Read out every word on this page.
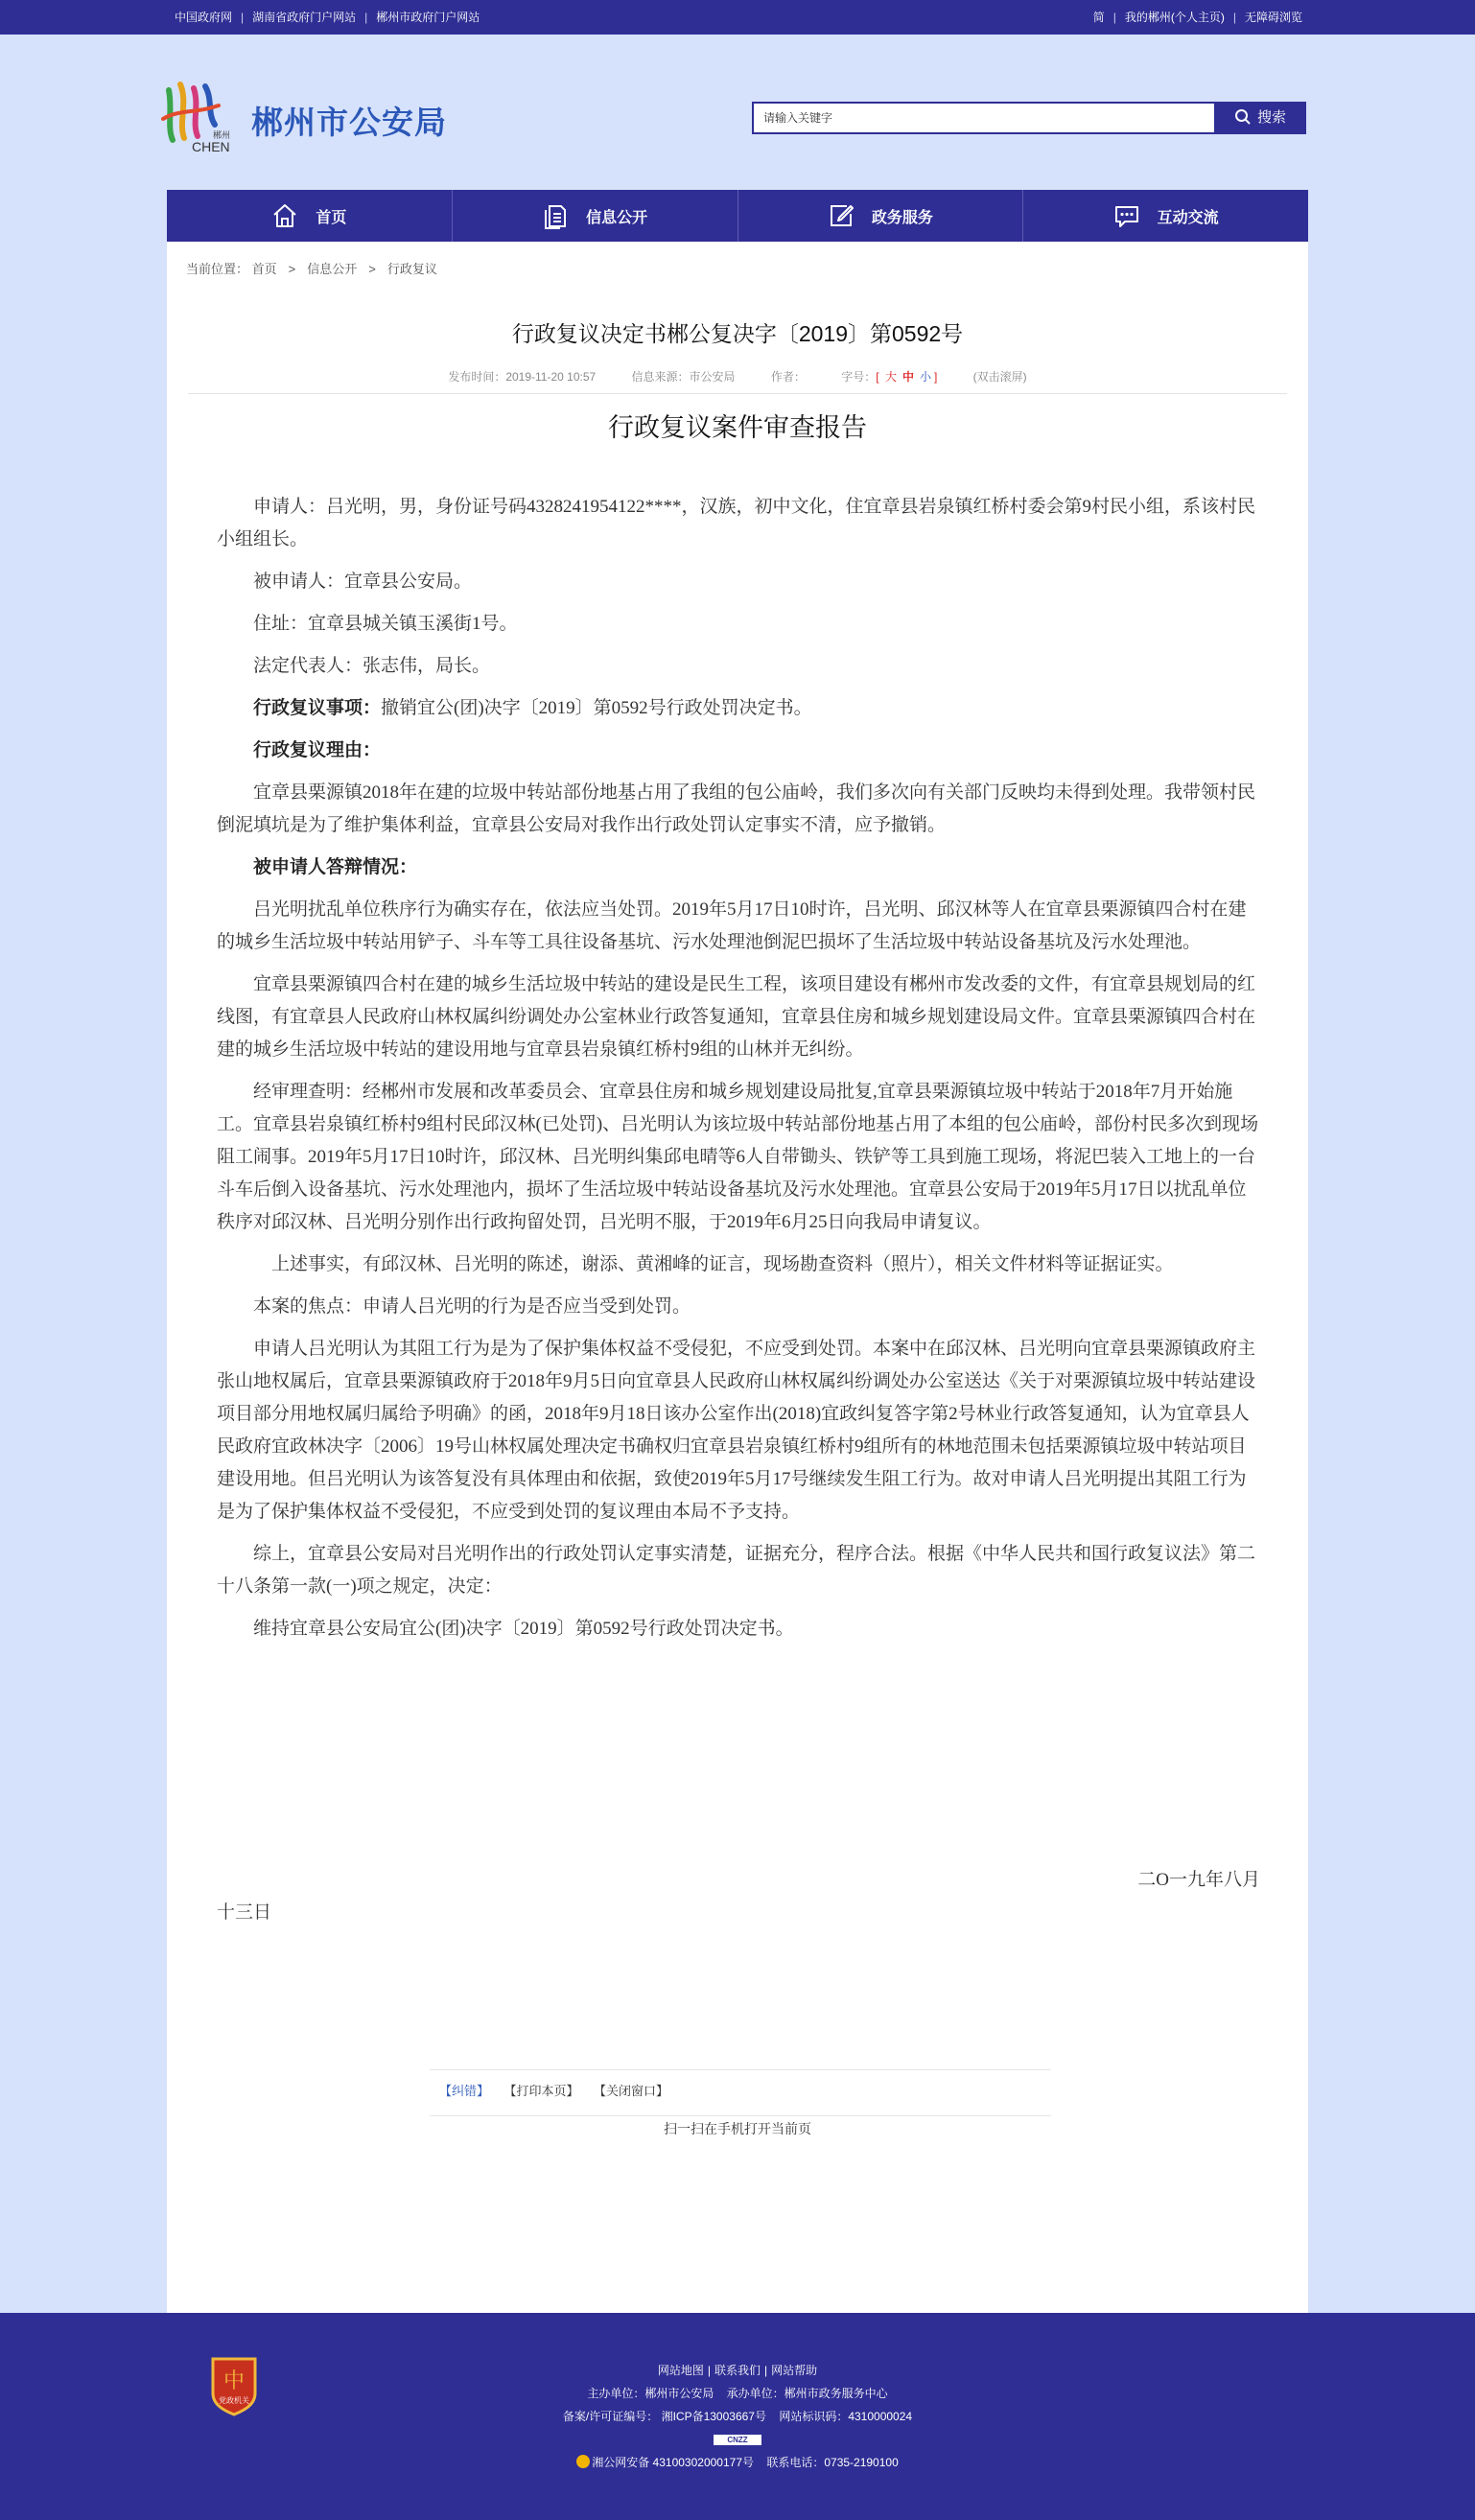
中国政府网 | 湖南省政府门户网站 | 郴州市政府门户网站	简 | 我的郴州(个人主页) | 无障碍浏览
郴州
CHEN
郴州市公安局
请输入关键字	搜索
首页	信息公开	政务服务	互动交流
当前位置： 首页 > 信息公开 > 行政复议
行政复议决定书郴公复决字〔2019〕第0592号
发布时间：2019-11-20 10:57	信息来源：市公安局	作者：	字号：[ 大 中 小 ]	(双击滚屏)
行政复议案件审查报告

申请人：吕光明，男，身份证号码4328241954122****，汉族，初中文化，住宜章县岩泉镇红桥村委会第9村民小组，系该村民小组组长。

被申请人：宜章县公安局。

住址：宜章县城关镇玉溪街1号。

法定代表人：张志伟，局长。

行政复议事项：撤销宜公(团)决字〔2019〕第0592号行政处罚决定书。

行政复议理由：

宜章县栗源镇2018年在建的垃圾中转站部份地基占用了我组的包公庙岭，我们多次向有关部门反映均未得到处理。我带领村民倒泥填坑是为了维护集体利益，宜章县公安局对我作出行政处罚认定事实不清，应予撤销。

被申请人答辩情况：

吕光明扰乱单位秩序行为确实存在，依法应当处罚。2019年5月17日10时许，吕光明、邱汉林等人在宜章县栗源镇四合村在建的城乡生活垃圾中转站用铲子、斗车等工具往设备基坑、污水处理池倒泥巴损坏了生活垃圾中转站设备基坑及污水处理池。

宜章县栗源镇四合村在建的城乡生活垃圾中转站的建设是民生工程，该项目建设有郴州市发改委的文件，有宜章县规划局的红线图，有宜章县人民政府山林权属纠纷调处办公室林业行政答复通知，宜章县住房和城乡规划建设局文件。宜章县栗源镇四合村在建的城乡生活垃圾中转站的建设用地与宜章县岩泉镇红桥村9组的山林并无纠纷。

经审理查明：经郴州市发展和改革委员会、宜章县住房和城乡规划建设局批复,宜章县栗源镇垃圾中转站于2018年7月开始施工。宜章县岩泉镇红桥村9组村民邱汉林(已处罚)、吕光明认为该垃圾中转站部份地基占用了本组的包公庙岭，部份村民多次到现场阻工闹事。2019年5月17日10时许，邱汉林、吕光明纠集邱电晴等6人自带锄头、铁铲等工具到施工现场，将泥巴装入工地上的一台斗车后倒入设备基坑、污水处理池内，损坏了生活垃圾中转站设备基坑及污水处理池。宜章县公安局于2019年5月17日以扰乱单位秩序对邱汉林、吕光明分别作出行政拘留处罚，吕光明不服，于2019年6月25日向我局申请复议。

上述事实，有邱汉林、吕光明的陈述，谢添、黄湘峰的证言，现场勘查资料（照片），相关文件材料等证据证实。

本案的焦点：申请人吕光明的行为是否应当受到处罚。

申请人吕光明认为其阻工行为是为了保护集体权益不受侵犯，不应受到处罚。本案中在邱汉林、吕光明向宜章县栗源镇政府主张山地权属后，宜章县栗源镇政府于2018年9月5日向宜章县人民政府山林权属纠纷调处办公室送达《关于对栗源镇垃圾中转站建设项目部分用地权属归属给予明确》的函，2018年9月18日该办公室作出(2018)宜政纠复答字第2号林业行政答复通知，认为宜章县人民政府宜政林决字〔2006〕19号山林权属处理决定书确权归宜章县岩泉镇红桥村9组所有的林地范围未包括栗源镇垃圾中转站项目建设用地。但吕光明认为该答复没有具体理由和依据，致使2019年5月17号继续发生阻工行为。故对申请人吕光明提出其阻工行为是为了保护集体权益不受侵犯，不应受到处罚的复议理由本局不予支持。

综上，宜章县公安局对吕光明作出的行政处罚认定事实清楚，证据充分，程序合法。根据《中华人民共和国行政复议法》第二十八条第一款(一)项之规定，决定：

维持宜章县公安局宜公(团)决字〔2019〕第0592号行政处罚决定书。

二O一九年八月
十三日
【纠错】 【打印本页】 【关闭窗口】
扫一扫在手机打开当前页
中
党政机关
网站地图 | 联系我们 | 网站帮助
主办单位：郴州市公安局 承办单位：郴州市政务服务中心
备案/许可证编号： 湘ICP备13003667号 网站标识码：4310000024
CNZZ
湘公网安备 43100302000177号 联系电话：0735-2190100
